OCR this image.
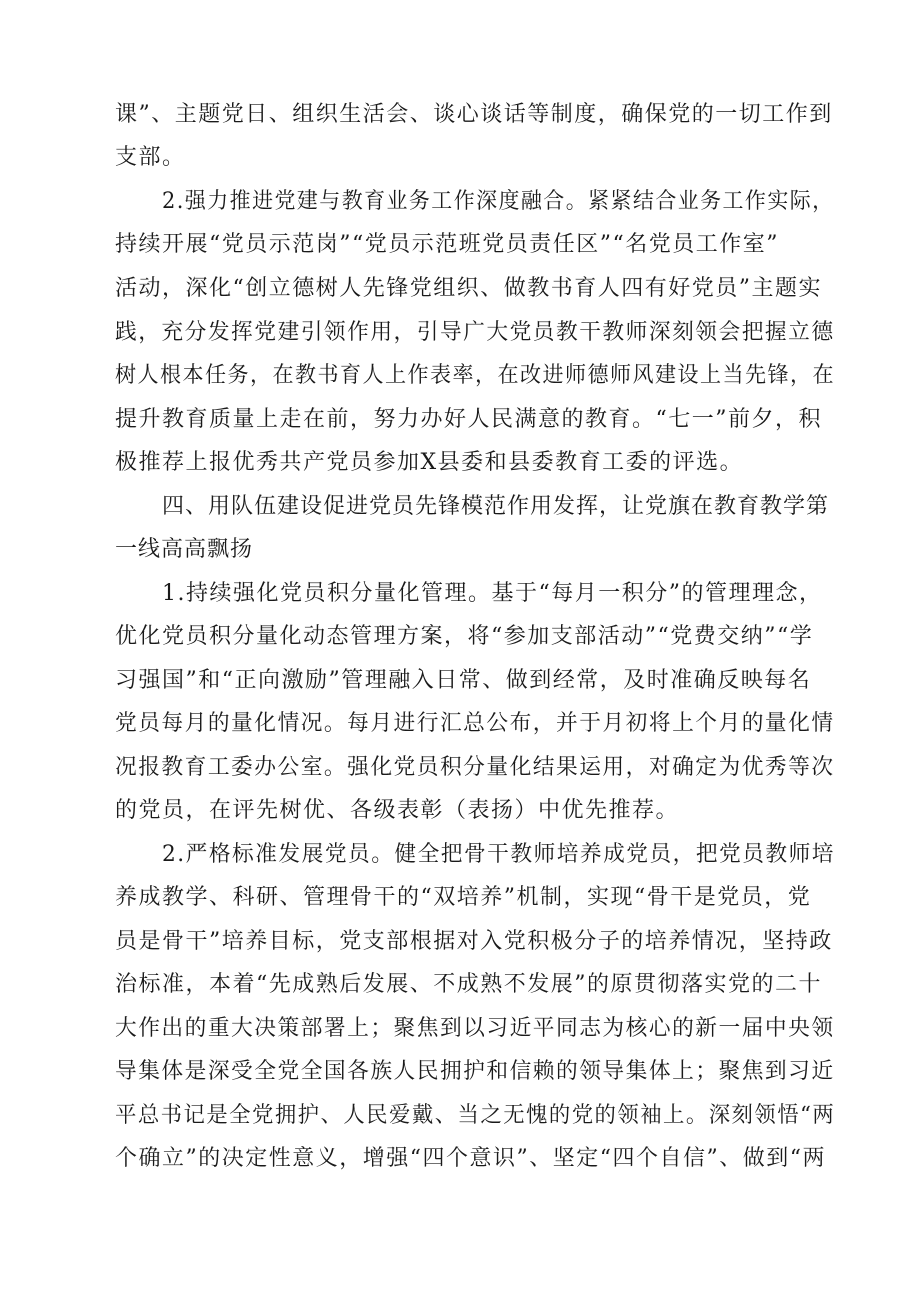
课”、主题党日、组织生活会、谈心谈话等制度，确保党的一切工作到
支部。
2.强力推进党建与教育业务工作深度融合。紧紧结合业务工作实际，
持续开展“党员示范岗”“党员示范班党员责任区”“名党员工作室”
活动，深化“创立德树人先锋党组织、做教书育人四有好党员”主题实
践，充分发挥党建引领作用，引导广大党员教干教师深刻领会把握立德
树人根本任务，在教书育人上作表率，在改进师德师风建设上当先锋，在
提升教育质量上走在前，努力办好人民满意的教育。“七一”前夕，积
极推荐上报优秀共产党员参加X县委和县委教育工委的评选。
四、用队伍建设促进党员先锋模范作用发挥，让党旗在教育教学第
一线高高飘扬
1.持续强化党员积分量化管理。基于“每月一积分”的管理理念，
优化党员积分量化动态管理方案，将“参加支部活动”“党费交纳”“学
习强国”和“正向激励”管理融入日常、做到经常，及时准确反映每名
党员每月的量化情况。每月进行汇总公布，并于月初将上个月的量化情
况报教育工委办公室。强化党员积分量化结果运用，对确定为优秀等次
的党员，在评先树优、各级表彰（表扬）中优先推荐。
2.严格标准发展党员。健全把骨干教师培养成党员，把党员教师培
养成教学、科研、管理骨干的“双培养”机制，实现“骨干是党员，党
员是骨干”培养目标，党支部根据对入党积极分子的培养情况，坚持政
治标准，本着“先成熟后发展、不成熟不发展”的原贯彻落实党的二十
大作出的重大决策部署上；聚焦到以习近平同志为核心的新一届中央领
导集体是深受全党全国各族人民拥护和信赖的领导集体上；聚焦到习近
平总书记是全党拥护、人民爱戴、当之无愧的党的领袖上。深刻领悟“两
个确立”的决定性意义，增强“四个意识”、坚定“四个自信”、做到“两
